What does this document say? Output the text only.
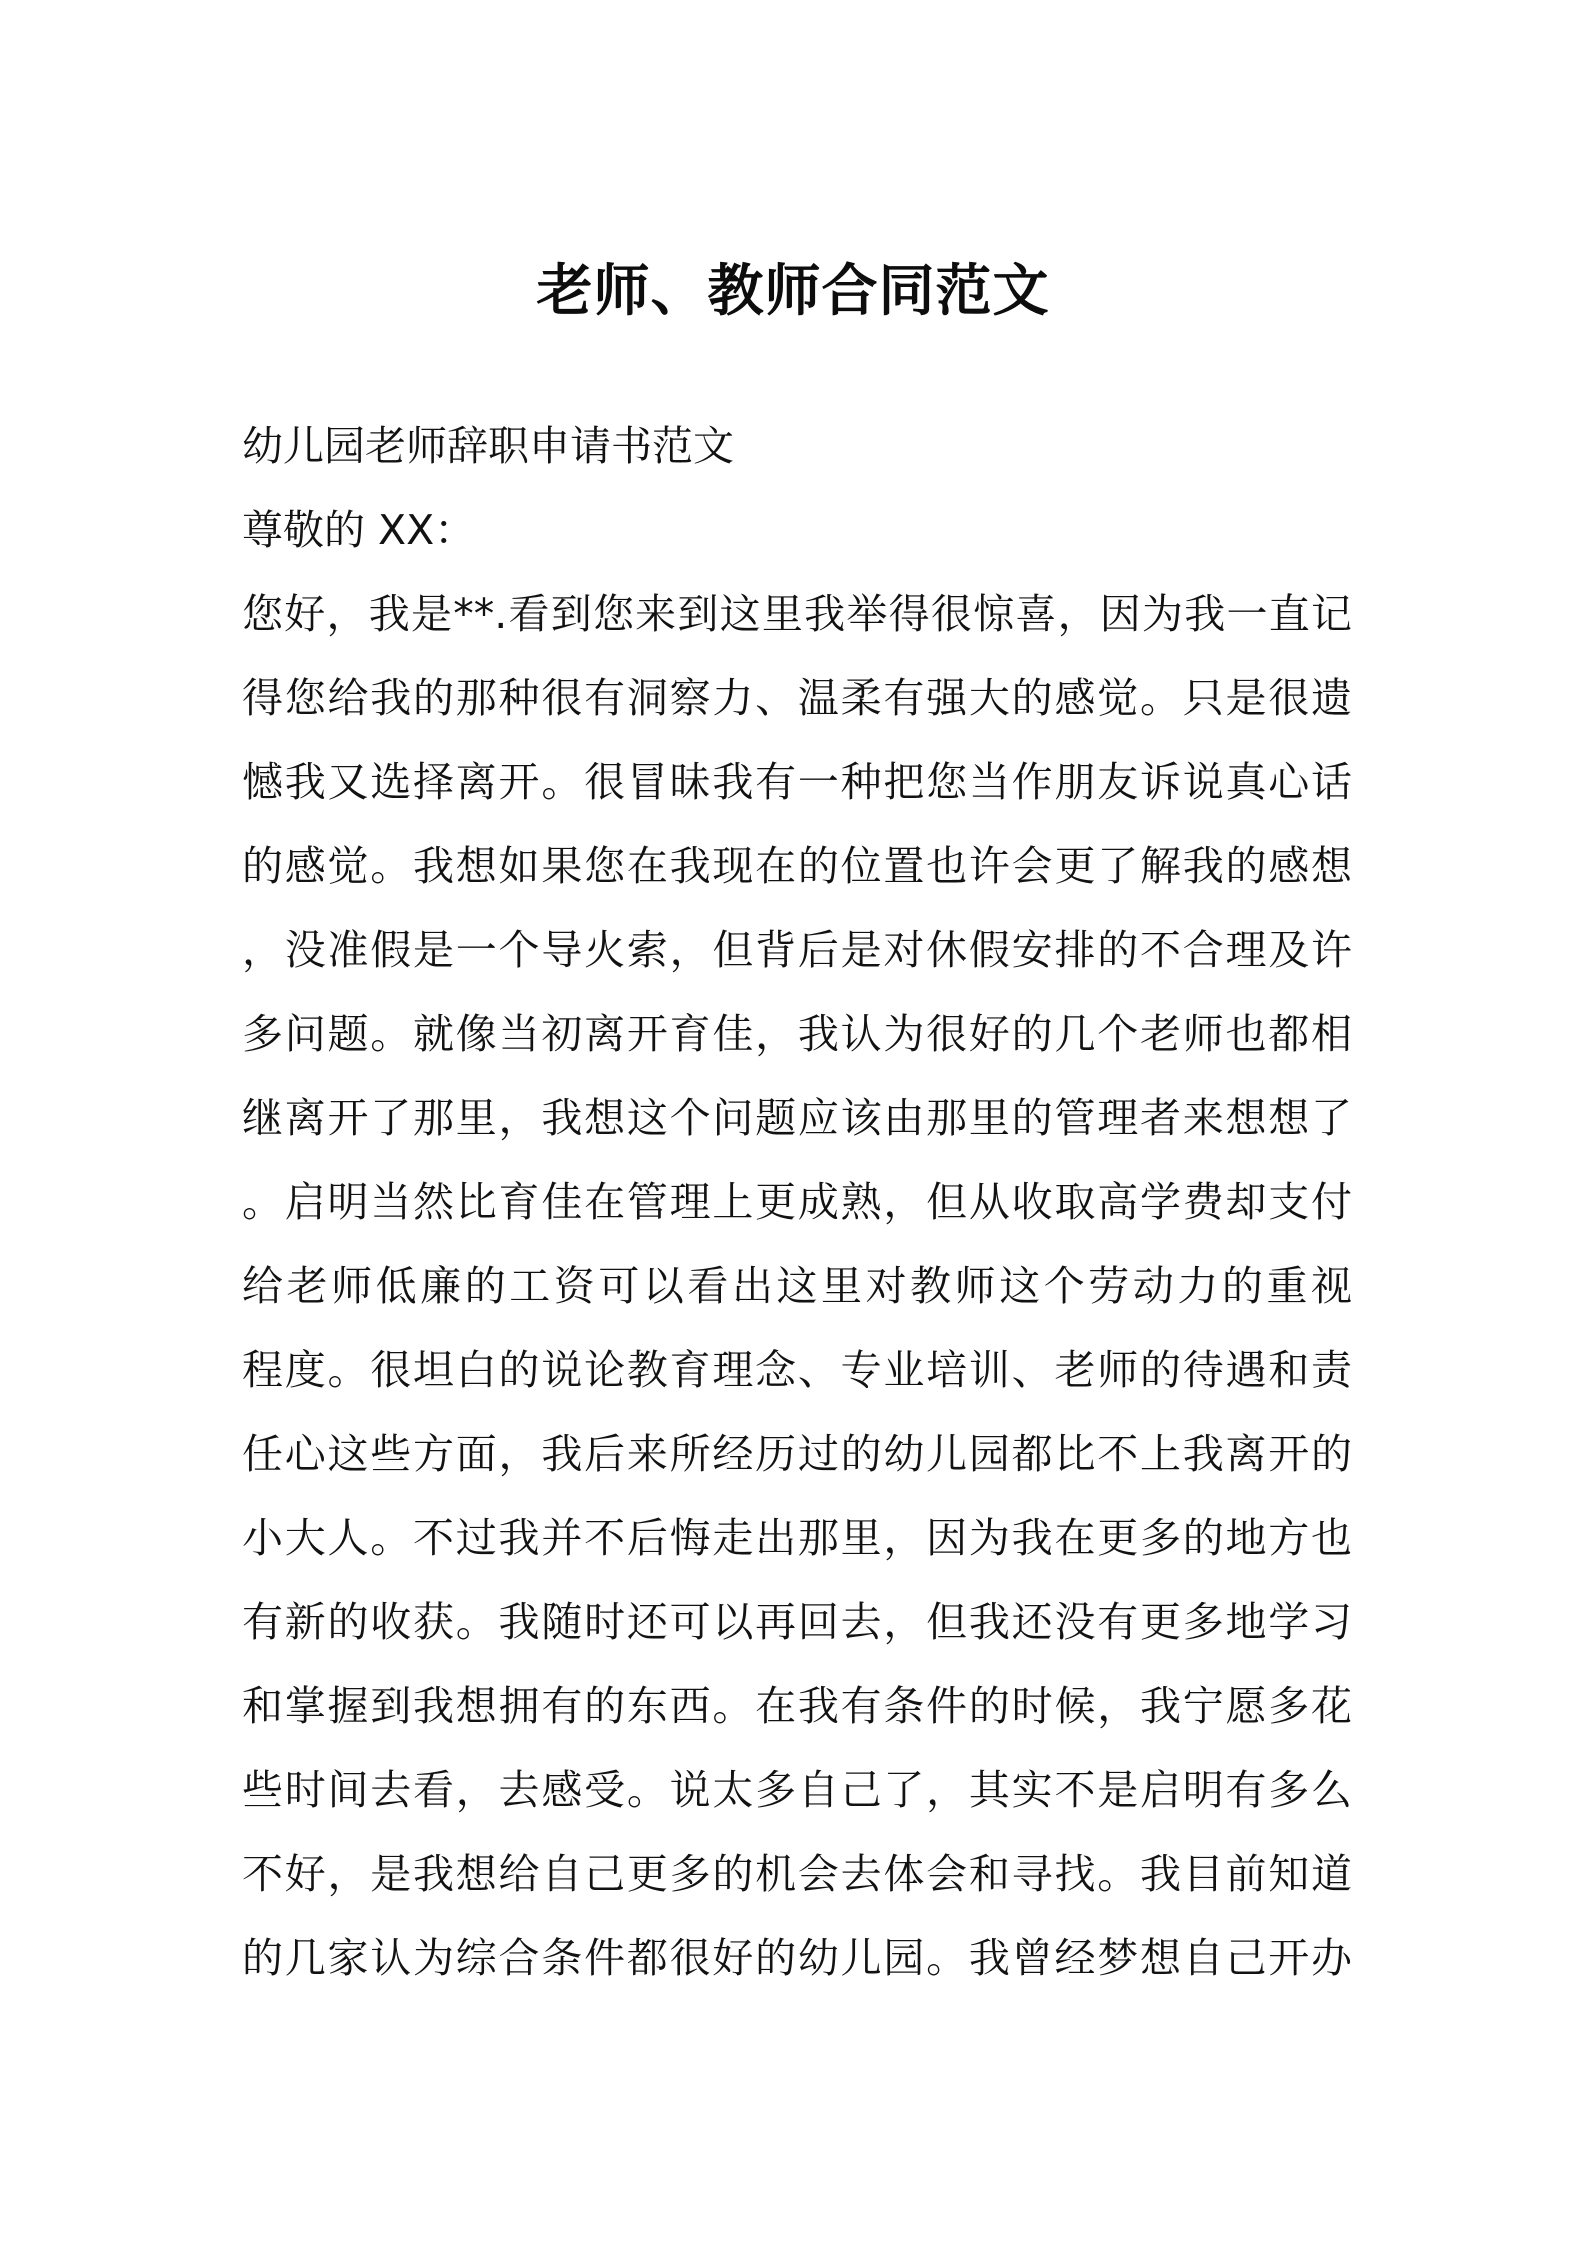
老师、教师合同范文
幼儿园老师辞职申请书范文
尊敬的 XX：
您好，我是**.看到您来到这里我举得很惊喜，因为我一直记
得您给我的那种很有洞察力、温柔有强大的感觉。只是很遗
憾我又选择离开。很冒昧我有一种把您当作朋友诉说真心话
的感觉。我想如果您在我现在的位置也许会更了解我的感想
，没准假是一个导火索，但背后是对休假安排的不合理及许
多问题。就像当初离开育佳，我认为很好的几个老师也都相
继离开了那里，我想这个问题应该由那里的管理者来想想了
。启明当然比育佳在管理上更成熟，但从收取高学费却支付
给老师低廉的工资可以看出这里对教师这个劳动力的重视
程度。很坦白的说论教育理念、专业培训、老师的待遇和责
任心这些方面，我后来所经历过的幼儿园都比不上我离开的
小大人。不过我并不后悔走出那里，因为我在更多的地方也
有新的收获。我随时还可以再回去，但我还没有更多地学习
和掌握到我想拥有的东西。在我有条件的时候，我宁愿多花
些时间去看，去感受。说太多自己了，其实不是启明有多么
不好，是我想给自己更多的机会去体会和寻找。我目前知道
的几家认为综合条件都很好的幼儿园。我曾经梦想自己开办
